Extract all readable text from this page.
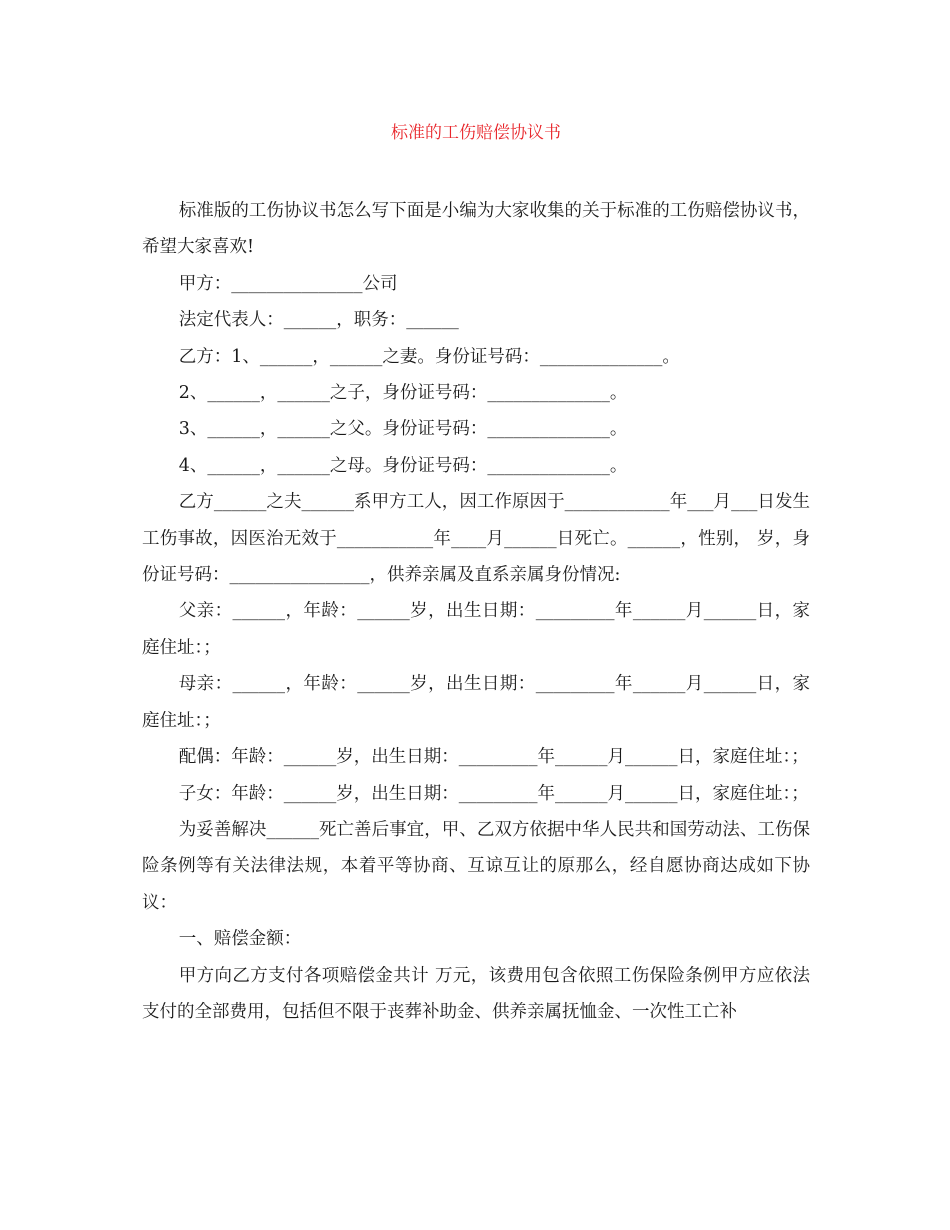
标准的工伤赔偿协议书

标准版的工伤协议书怎么写下面是小编为大家收集的关于标准的工伤赔偿协议书，希望大家喜欢!

甲方：_______________公司

法定代表人：______，职务：______

乙方：1、______，______之妻。身份证号码：______________。

2、______，______之子，身份证号码：______________。

3、______，______之父。身份证号码：______________。

4、______，______之母。身份证号码：______________。

乙方______之夫______系甲方工人，因工作原因于____________年___月___日发生工伤事故，因医治无效于___________年____月______日死亡。______，性别， 岁，身份证号码：________________，供养亲属及直系亲属身份情况:

父亲：______，年龄：______岁，出生日期：_________年______月______日，家庭住址：；

母亲：______，年龄：______岁，出生日期：_________年______月______日，家庭住址：；

配偶：年龄：______岁，出生日期：_________年______月______日，家庭住址：；

子女：年龄：______岁，出生日期：_________年______月______日，家庭住址：；

为妥善解决______死亡善后事宜，甲、乙双方依据中华人民共和国劳动法、工伤保险条例等有关法律法规，本着平等协商、互谅互让的原那么，经自愿协商达成如下协议：

一、赔偿金额：

甲方向乙方支付各项赔偿金共计 万元，该费用包含依照工伤保险条例甲方应依法支付的全部费用，包括但不限于丧葬补助金、供养亲属抚恤金、一次性工亡补
